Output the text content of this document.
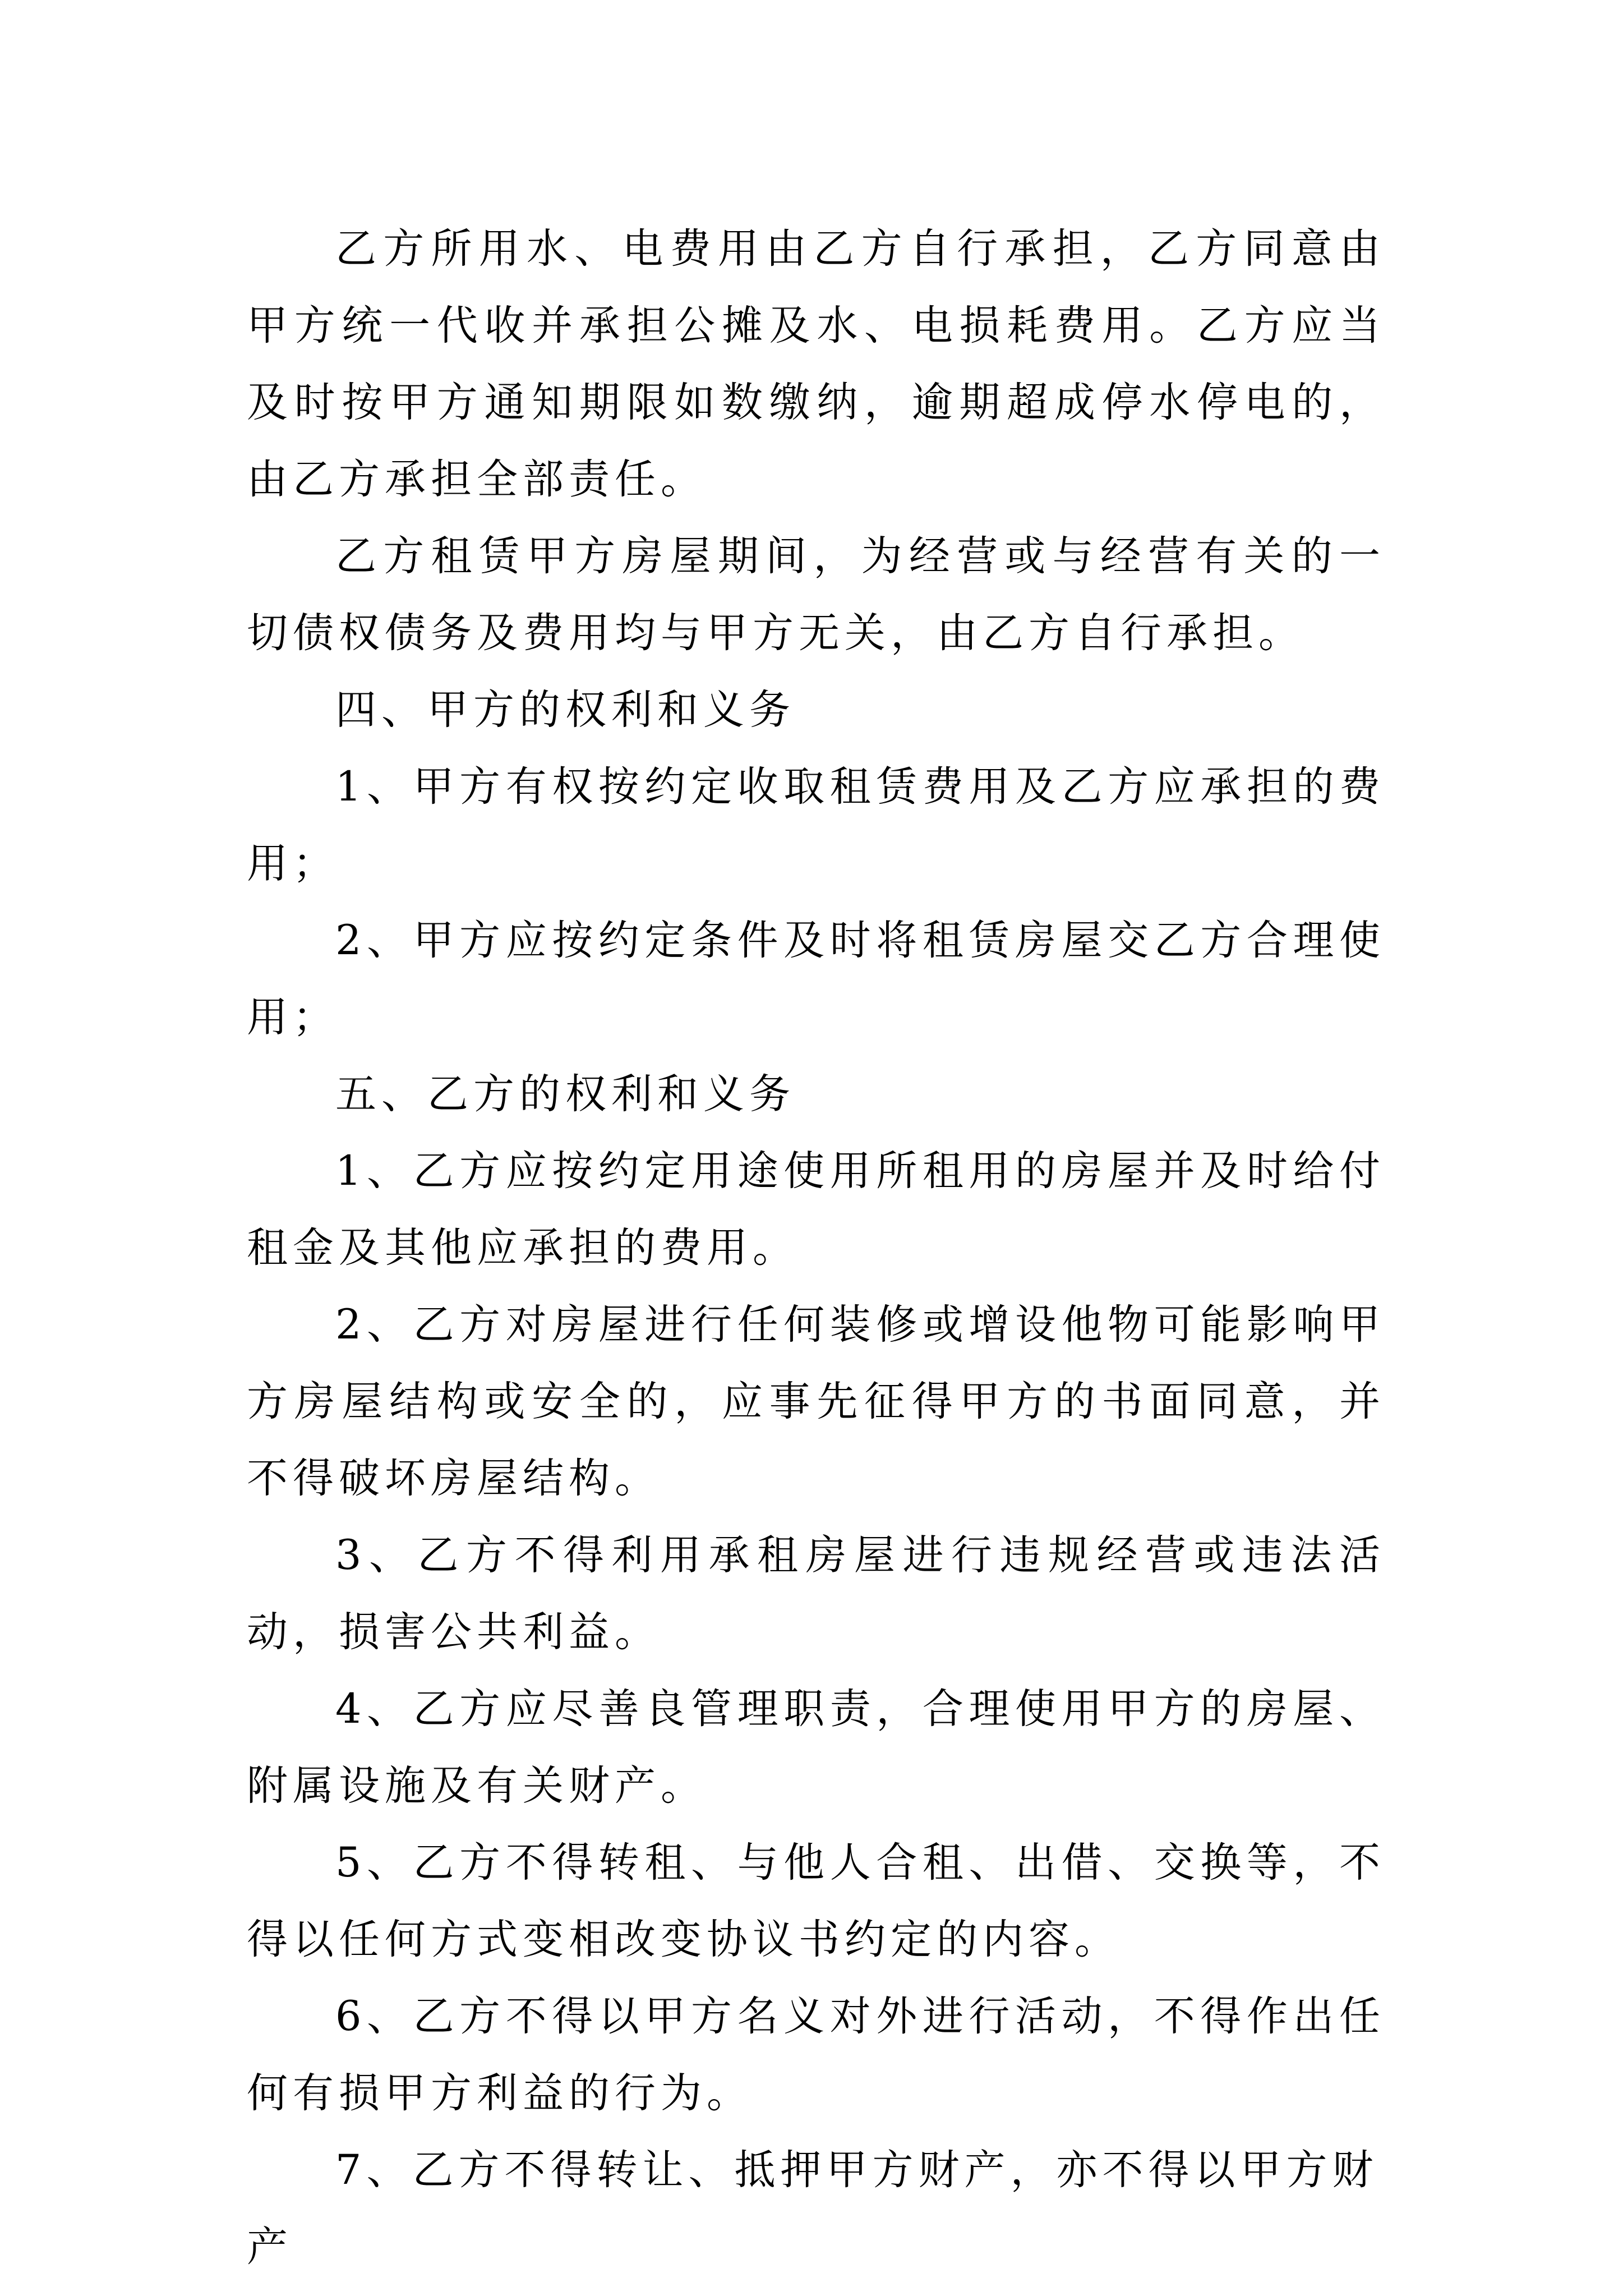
乙方所用水、电费用由乙方自行承担，乙方同意由甲方统一代收并承担公摊及水、电损耗费用。乙方应当及时按甲方通知期限如数缴纳，逾期超成停水停电的，由乙方承担全部责任。

乙方租赁甲方房屋期间，为经营或与经营有关的一切债权债务及费用均与甲方无关，由乙方自行承担。

四、甲方的权利和义务

1、甲方有权按约定收取租赁费用及乙方应承担的费用；

2、甲方应按约定条件及时将租赁房屋交乙方合理使用；

五、乙方的权利和义务

1、乙方应按约定用途使用所租用的房屋并及时给付租金及其他应承担的费用。

2、乙方对房屋进行任何装修或增设他物可能影响甲方房屋结构或安全的，应事先征得甲方的书面同意，并不得破坏房屋结构。

3、乙方不得利用承租房屋进行违规经营或违法活动，损害公共利益。

4、乙方应尽善良管理职责，合理使用甲方的房屋、附属设施及有关财产。

5、乙方不得转租、与他人合租、出借、交换等，不得以任何方式变相改变协议书约定的内容。

6、乙方不得以甲方名义对外进行活动，不得作出任何有损甲方利益的行为。

7、乙方不得转让、抵押甲方财产，亦不得以甲方财产
